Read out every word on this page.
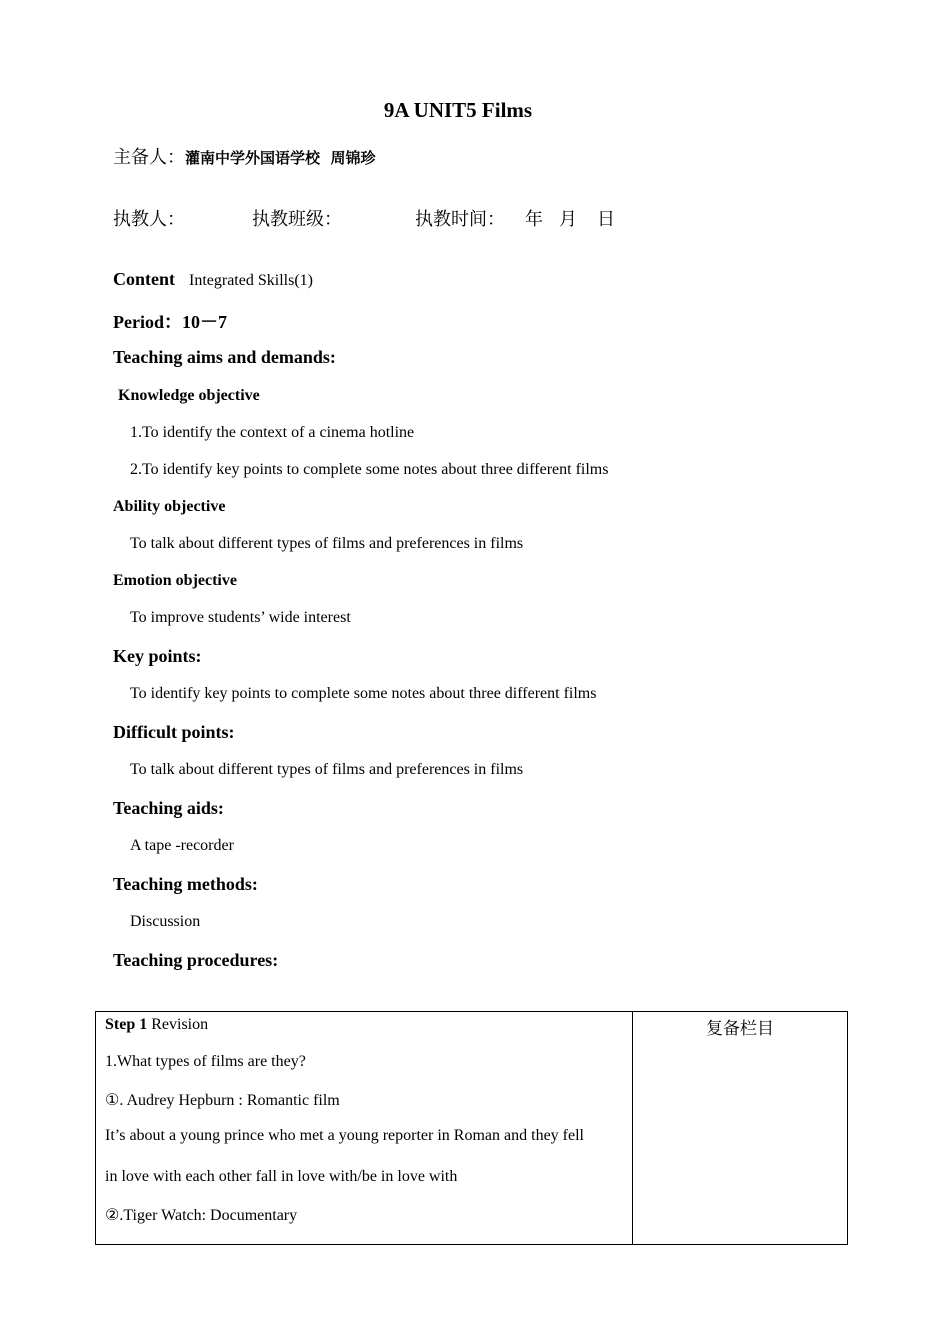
9A UNIT5 Films
主备人：灌南中学外国语学校  周锦珍
执教人：	执教班级：	执教时间： 年 月 日
Content Integrated Skills(1)
Period：10－7
Teaching aims and demands:
Knowledge objective
1.To identify the context of a cinema hotline
2.To identify key points to complete some notes about three different films
Ability objective
To talk about different types of films and preferences in films
Emotion objective
To improve students’ wide interest
Key points:
To identify key points to complete some notes about three different films
Difficult points:
To talk about different types of films and preferences in films
Teaching aids:
A tape -recorder
Teaching methods:
Discussion
Teaching procedures:
Step 1 Revision
1.What types of films are they?
①. Audrey Hepburn : Romantic film
It’s about a young prince who met a young reporter in Roman and they fell
in love with each other fall in love with/be in love with
②.Tiger Watch: Documentary

复备栏目
